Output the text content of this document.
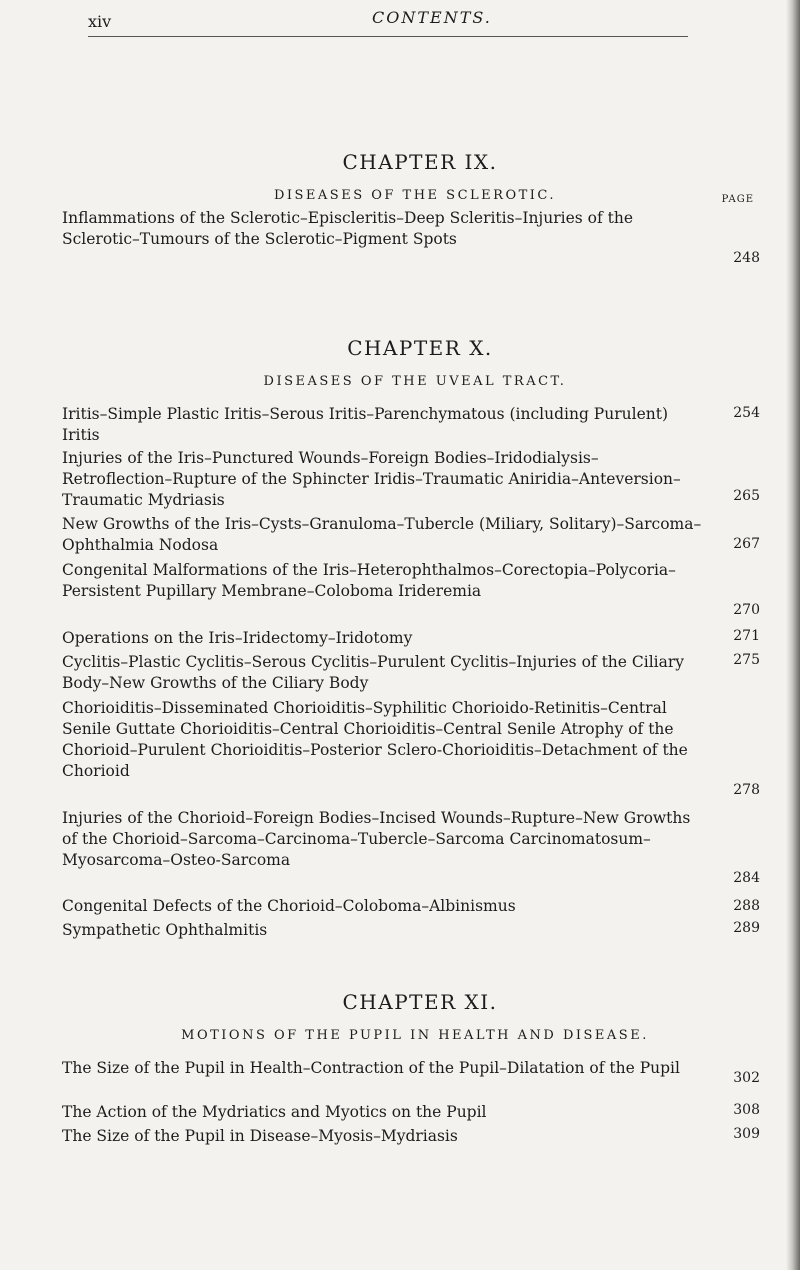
xiv	CONTENTS.
CHAPTER IX.
DISEASES OF THE SCLEROTIC.	PAGE
Inflammations of the Sclerotic–Episcleritis–Deep Scleritis–Injuries of the Sclerotic–Tumours of the Sclerotic–Pigment Spots
248
CHAPTER X.
DISEASES OF THE UVEAL TRACT.
Iritis–Simple Plastic Iritis–Serous Iritis–Parenchymatous (including Purulent) Iritis
254
Injuries of the Iris–Punctured Wounds–Foreign Bodies–Iridodialysis–Retroflection–Rupture of the Sphincter Iridis–Traumatic Aniridia–Anteversion–Traumatic Mydriasis	265
New Growths of the Iris–Cysts–Granuloma–Tubercle (Miliary, Solitary)–Sarcoma–Ophthalmia Nodosa	267
Congenital Malformations of the Iris–Heterophthalmos–Corectopia–Polycoria–Persistent Pupillary Membrane–Coloboma Irideremia
270
Operations on the Iris–Iridectomy–Iridotomy	271
Cyclitis–Plastic Cyclitis–Serous Cyclitis–Purulent Cyclitis–Injuries of the Ciliary Body–New Growths of the Ciliary Body
275
Chorioiditis–Disseminated Chorioiditis–Syphilitic Chorioido-Retinitis–Central Senile Guttate Chorioiditis–Central Chorioiditis–Central Senile Atrophy of the Chorioid–Purulent Chorioiditis–Posterior Sclero-Chorioiditis–Detachment of the Chorioid
278
Injuries of the Chorioid–Foreign Bodies–Incised Wounds–Rupture–New Growths of the Chorioid–Sarcoma–Carcinoma–Tubercle–Sarcoma Carcinomatosum–Myosarcoma–Osteo-Sarcoma
284
Congenital Defects of the Chorioid–Coloboma–Albinismus	288
Sympathetic Ophthalmitis	289
CHAPTER XI.
MOTIONS OF THE PUPIL IN HEALTH AND DISEASE.
The Size of the Pupil in Health–Contraction of the Pupil–Dilatation of the Pupil
302
The Action of the Mydriatics and Myotics on the Pupil	308
The Size of the Pupil in Disease–Myosis–Mydriasis	309
